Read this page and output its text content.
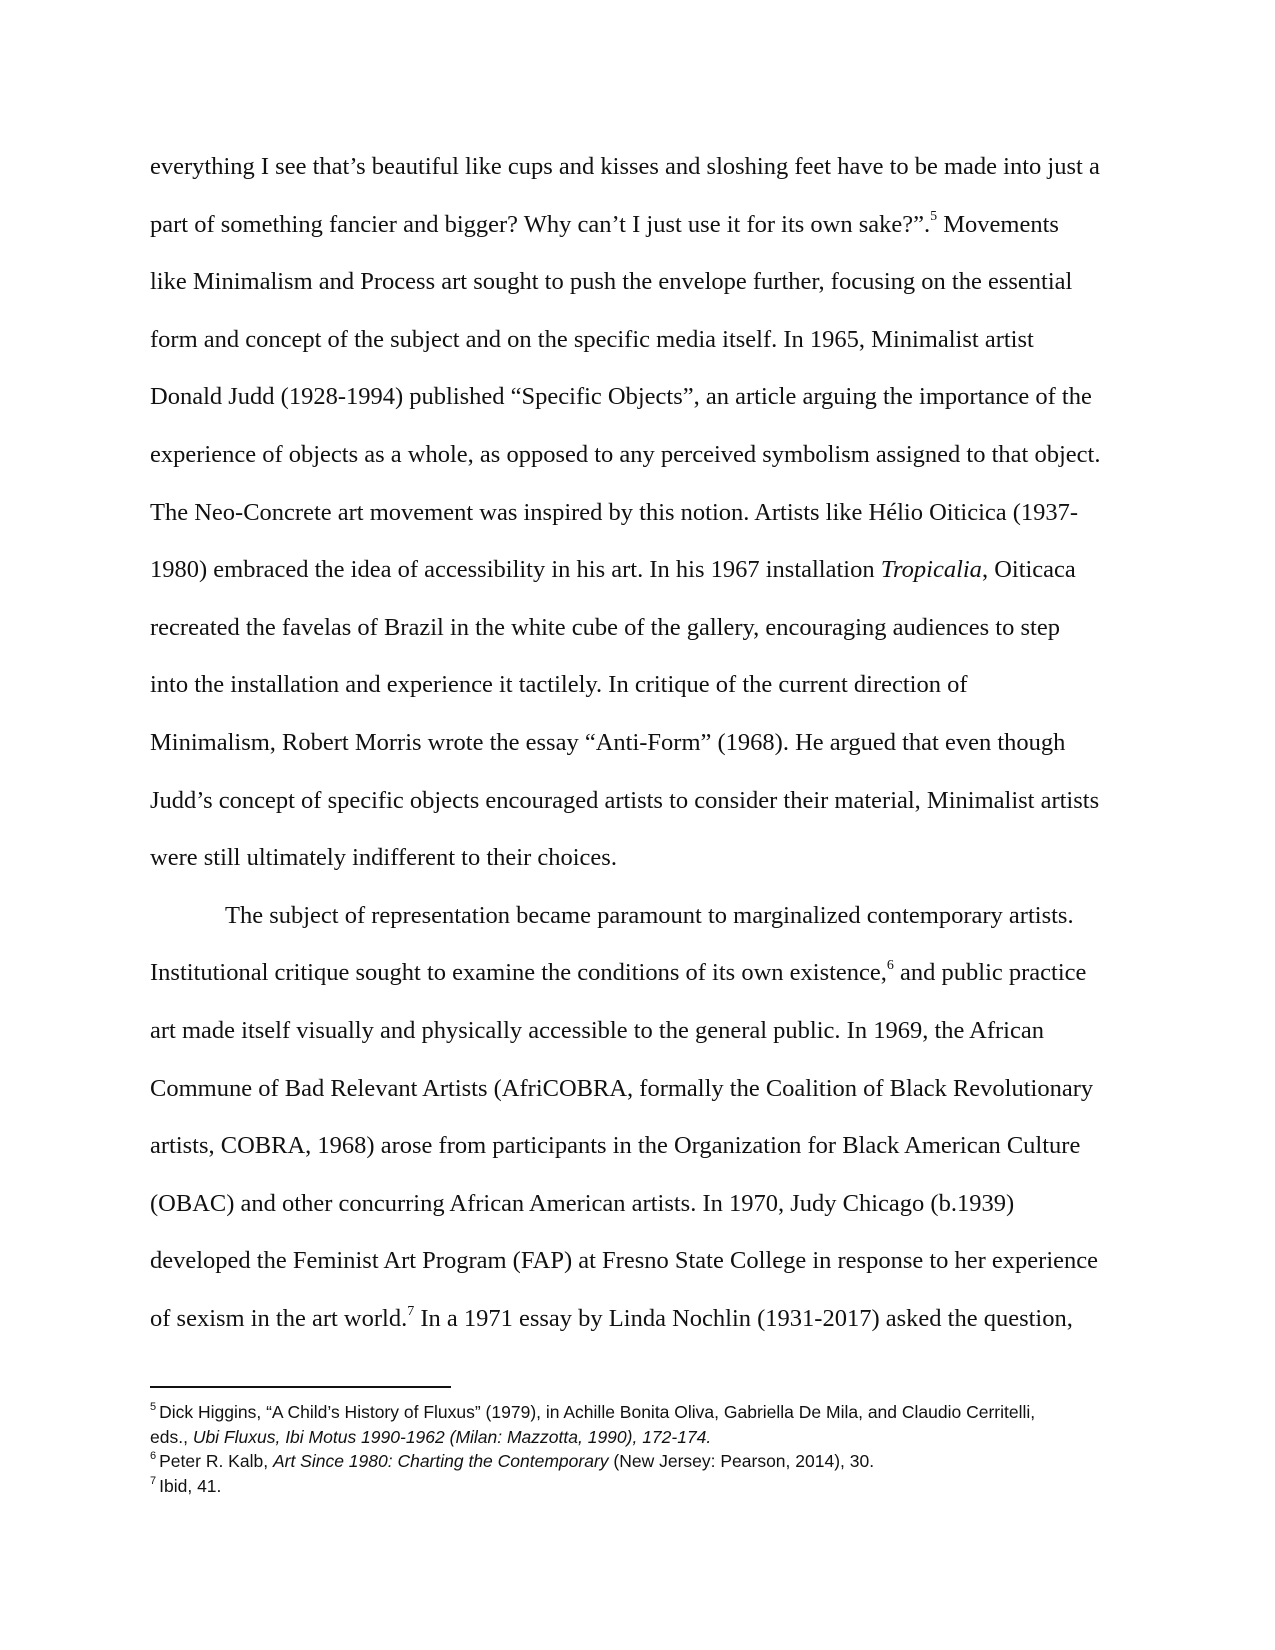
everything I see that’s beautiful like cups and kisses and sloshing feet have to be made into just a
part of something fancier and bigger? Why can’t I just use it for its own sake?”.$^5$ Movements
like Minimalism and Process art sought to push the envelope further, focusing on the essential
form and concept of the subject and on the specific media itself. In 1965, Minimalist artist
Donald Judd (1928-1994) published “Specific Objects”, an article arguing the importance of the
experience of objects as a whole, as opposed to any perceived symbolism assigned to that object.
The Neo-Concrete art movement was inspired by this notion. Artists like Hélio Oiticica (1937-
1980) embraced the idea of accessibility in his art. In his 1967 installation Tropicalia, Oiticaca
recreated the favelas of Brazil in the white cube of the gallery, encouraging audiences to step
into the installation and experience it tactilely. In critique of the current direction of
Minimalism, Robert Morris wrote the essay “Anti-Form” (1968). He argued that even though
Judd’s concept of specific objects encouraged artists to consider their material, Minimalist artists
were still ultimately indifferent to their choices.
The subject of representation became paramount to marginalized contemporary artists.
Institutional critique sought to examine the conditions of its own existence,$^6$ and public practice
art made itself visually and physically accessible to the general public. In 1969, the African
Commune of Bad Relevant Artists (AfriCOBRA, formally the Coalition of Black Revolutionary
artists, COBRA, 1968) arose from participants in the Organization for Black American Culture
(OBAC) and other concurring African American artists. In 1970, Judy Chicago (b.1939)
developed the Feminist Art Program (FAP) at Fresno State College in response to her experience
of sexism in the art world.$^7$ In a 1971 essay by Linda Nochlin (1931-2017) asked the question,
$^5$ Dick Higgins, “A Child’s History of Fluxus” (1979), in Achille Bonita Oliva, Gabriella De Mila, and Claudio Cerritelli,
eds., Ubi Fluxus, Ibi Motus 1990-1962 (Milan: Mazzotta, 1990), 172-174.
$^6$ Peter R. Kalb, Art Since 1980: Charting the Contemporary (New Jersey: Pearson, 2014), 30.
$^7$ Ibid, 41.
